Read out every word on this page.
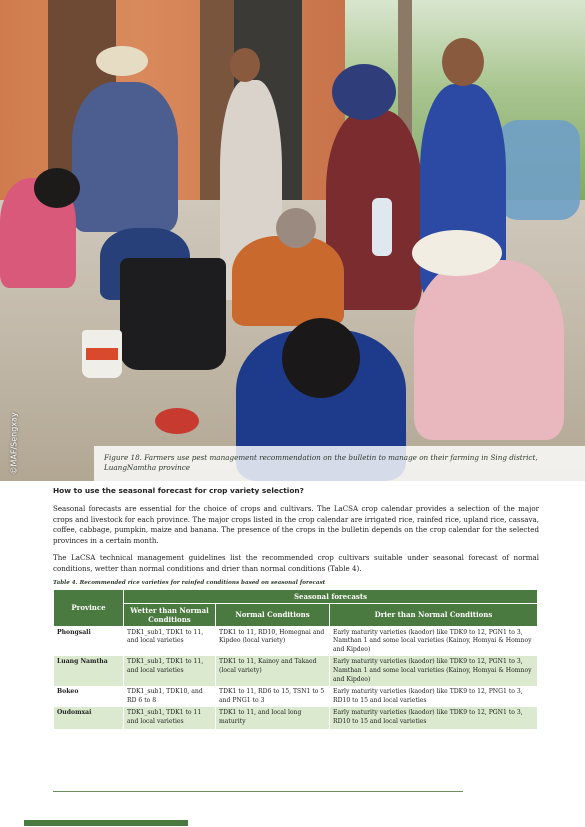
©MAF/Sengxay	Figure 18. Farmers use pest management recommendation on the bulletin to manage on their farming in Sing district, LuangNamtha province

How to use the seasonal forecast for crop variety selection?

Seasonal forecasts are essential for the choice of crops and cultivars. The LaCSA crop calendar provides a selection of the major crops and livestock for each province. The major crops listed in the crop calendar are irrigated rice, rainfed rice, upland rice, cassava, coffee, cabbage, pumpkin, maize and banana. The presence of the crops in the bulletin depends on the crop calendar for the selected provinces in a certain month.

The LaCSA technical management guidelines list the recommended crop cultivars suitable under seasonal forecast of normal conditions, wetter than normal conditions and drier than normal conditions (Table 4).

Table 4. Recommended rice varieties for rainfed conditions based on seasonal forecast

Province	Seasonal forecasts		
	Wetter than Normal Conditions	Normal Conditions	Drier than Normal Conditions
Phongsali	TDK1_sub1, TDK1 to 11, and local varieties	TDK1 to 11, RD10, Homegnai and Kipdeo (local variety)	Early maturity varieties (kaodor) like TDK9 to 12, PGN1 to 3, Namthan 1 and some local varieties (Kainoy, Homyai & Homnoy and Kipdeo)
Luang Namtha	TDK1_sub1, TDK1 to 11, and local varieties	TDK1 to 11, Kainoy and Takaed (local variety)	Early maturity varieties (kaodor) like TDK9 to 12, PGN1 to 3, Namthan 1 and some local varieties (Kainoy, Homyai & Homnoy and Kipdeo)
Bokeo	TDK1_sub1, TDK10, and RD 6 to 8	TDK1 to 11, RD6 to 15, TSN1 to 5 and PNG1 to 3	Early maturity varieties (kaodor) like TDK9 to 12, PNG1 to 3, RD10 to 15 and local varieties
Oudomxai	TDK1_sub1, TDK1 to 11 and local varieties	TDK1 to 11, and local long maturity	Early maturity varieties (kaodor) like TDK9 to 12, PGN1 to 3, RD10 to 15 and local varieties
